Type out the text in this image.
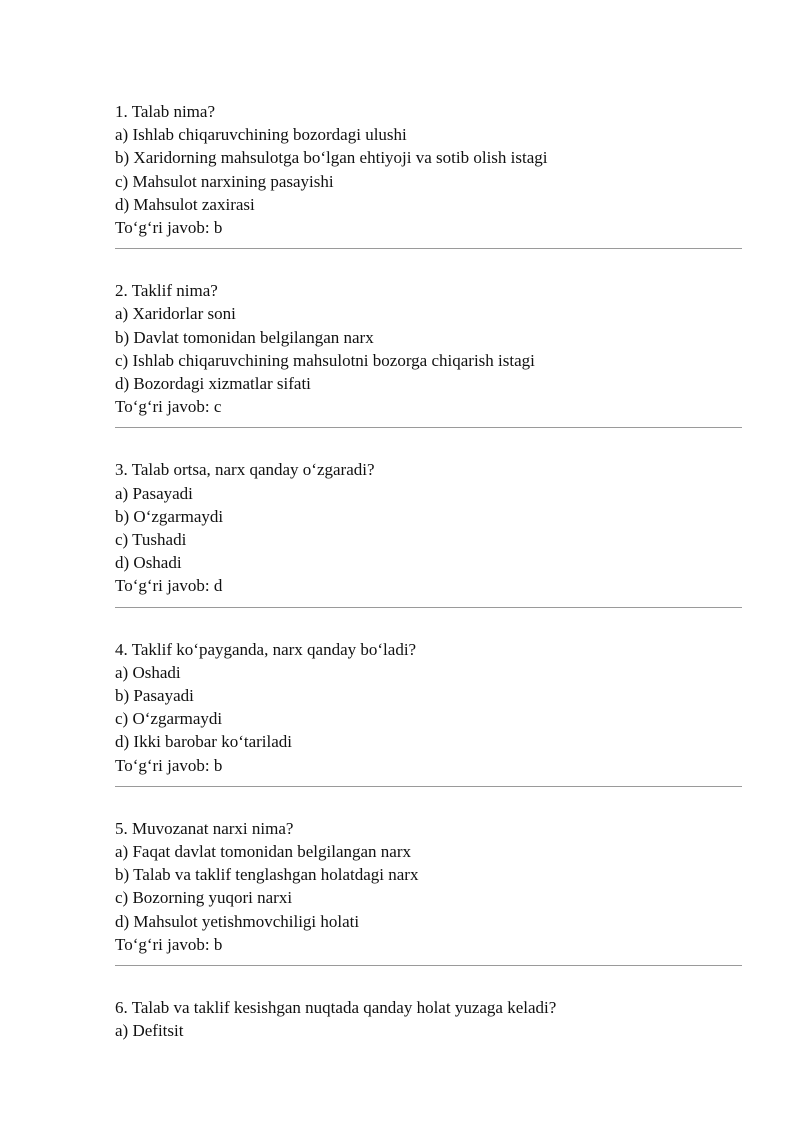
1. Talab nima?
a) Ishlab chiqaruvchining bozordagi ulushi
b) Xaridorning mahsulotga bo‘lgan ehtiyoji va sotib olish istagi
c) Mahsulot narxining pasayishi
d) Mahsulot zaxirasi
To‘g‘ri javob: b
2. Taklif nima?
a) Xaridorlar soni
b) Davlat tomonidan belgilangan narx
c) Ishlab chiqaruvchining mahsulotni bozorga chiqarish istagi
d) Bozordagi xizmatlar sifati
To‘g‘ri javob: c
3. Talab ortsa, narx qanday o‘zgaradi?
a) Pasayadi
b) O‘zgarmaydi
c) Tushadi
d) Oshadi
To‘g‘ri javob: d
4. Taklif ko‘payganda, narx qanday bo‘ladi?
a) Oshadi
b) Pasayadi
c) O‘zgarmaydi
d) Ikki barobar ko‘tariladi
To‘g‘ri javob: b
5. Muvozanat narxi nima?
a) Faqat davlat tomonidan belgilangan narx
b) Talab va taklif tenglashgan holatdagi narx
c) Bozorning yuqori narxi
d) Mahsulot yetishmovchiligi holati
To‘g‘ri javob: b
6. Talab va taklif kesishgan nuqtada qanday holat yuzaga keladi?
a) Defitsit
